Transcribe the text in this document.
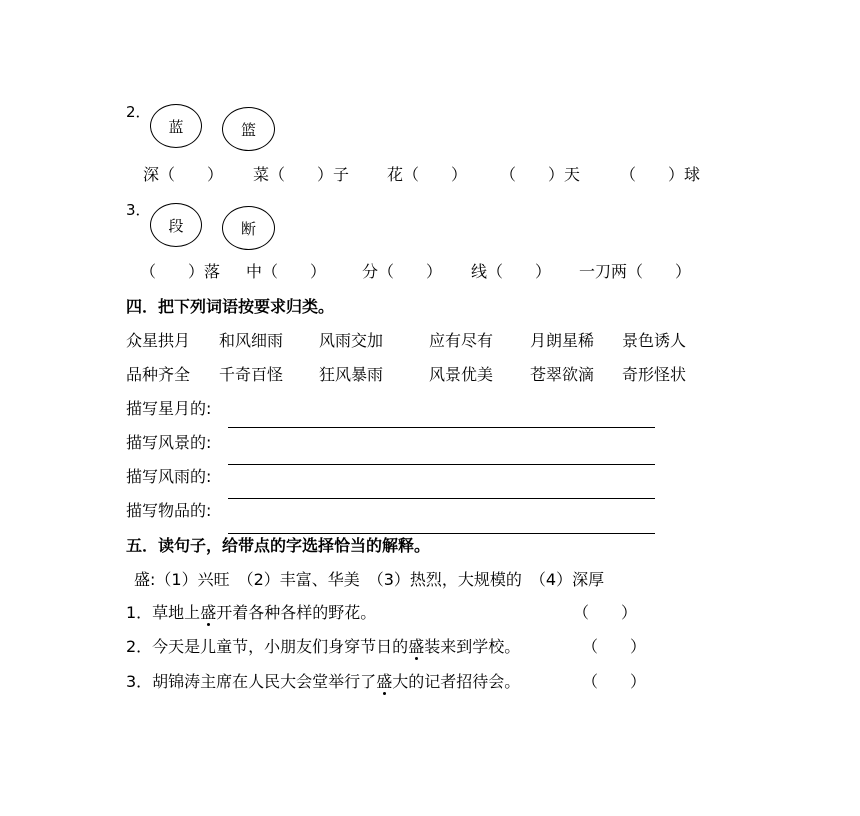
2．
蓝	篮
深（　　） 菜（　　）子 花（　　） （　　）天 （　　）球
3．
段	断
（　　）落 中（　　） 分（　　） 线（　　） 一刀两（　　）
四．把下列词语按要求归类。
众星拱月 和风细雨 风雨交加	应有尽有 月朗星稀 景色诱人
品种齐全 千奇百怪 狂风暴雨	风景优美 苍翠欲滴 奇形怪状
描写星月的:
描写风景的:
描写风雨的:
描写物品的:
五．读句子，给带点的字选择恰当的解释。
盛:（1）兴旺　（2）丰富、华美　（3）热烈，大规模的　（4）深厚
1．草地上盛开着各种各样的野花。	（　　）
2．今天是儿童节，小朋友们身穿节日的盛装来到学校。	（　　）
3．胡锦涛主席在人民大会堂举行了盛大的记者招待会。	（　　）
